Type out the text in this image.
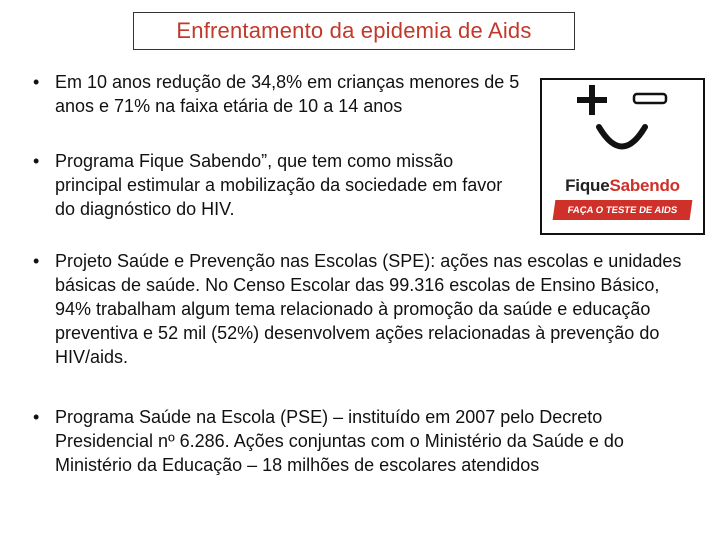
Enfrentamento da epidemia de Aids
• Em 10 anos redução de 34,8% em crianças menores de 5 anos e 71% na faixa etária de 10 a 14 anos
• Programa Fique Sabendo”, que tem como missão principal estimular a mobilização da sociedade em favor do diagnóstico do HIV.
• Projeto Saúde e Prevenção nas Escolas (SPE): ações nas escolas e unidades básicas de saúde. No Censo Escolar das 99.316 escolas de Ensino Básico, 94% trabalham algum tema relacionado à promoção da saúde e educação preventiva e 52 mil (52%) desenvolvem ações relacionadas à prevenção do HIV/aids.
• Programa Saúde na Escola (PSE) – instituído em 2007 pelo Decreto Presidencial nº 6.286. Ações conjuntas com o Ministério da Saúde e do Ministério da Educação – 18 milhões de escolares atendidos
FiqueSabendo
FAÇA O TESTE DE AIDS
